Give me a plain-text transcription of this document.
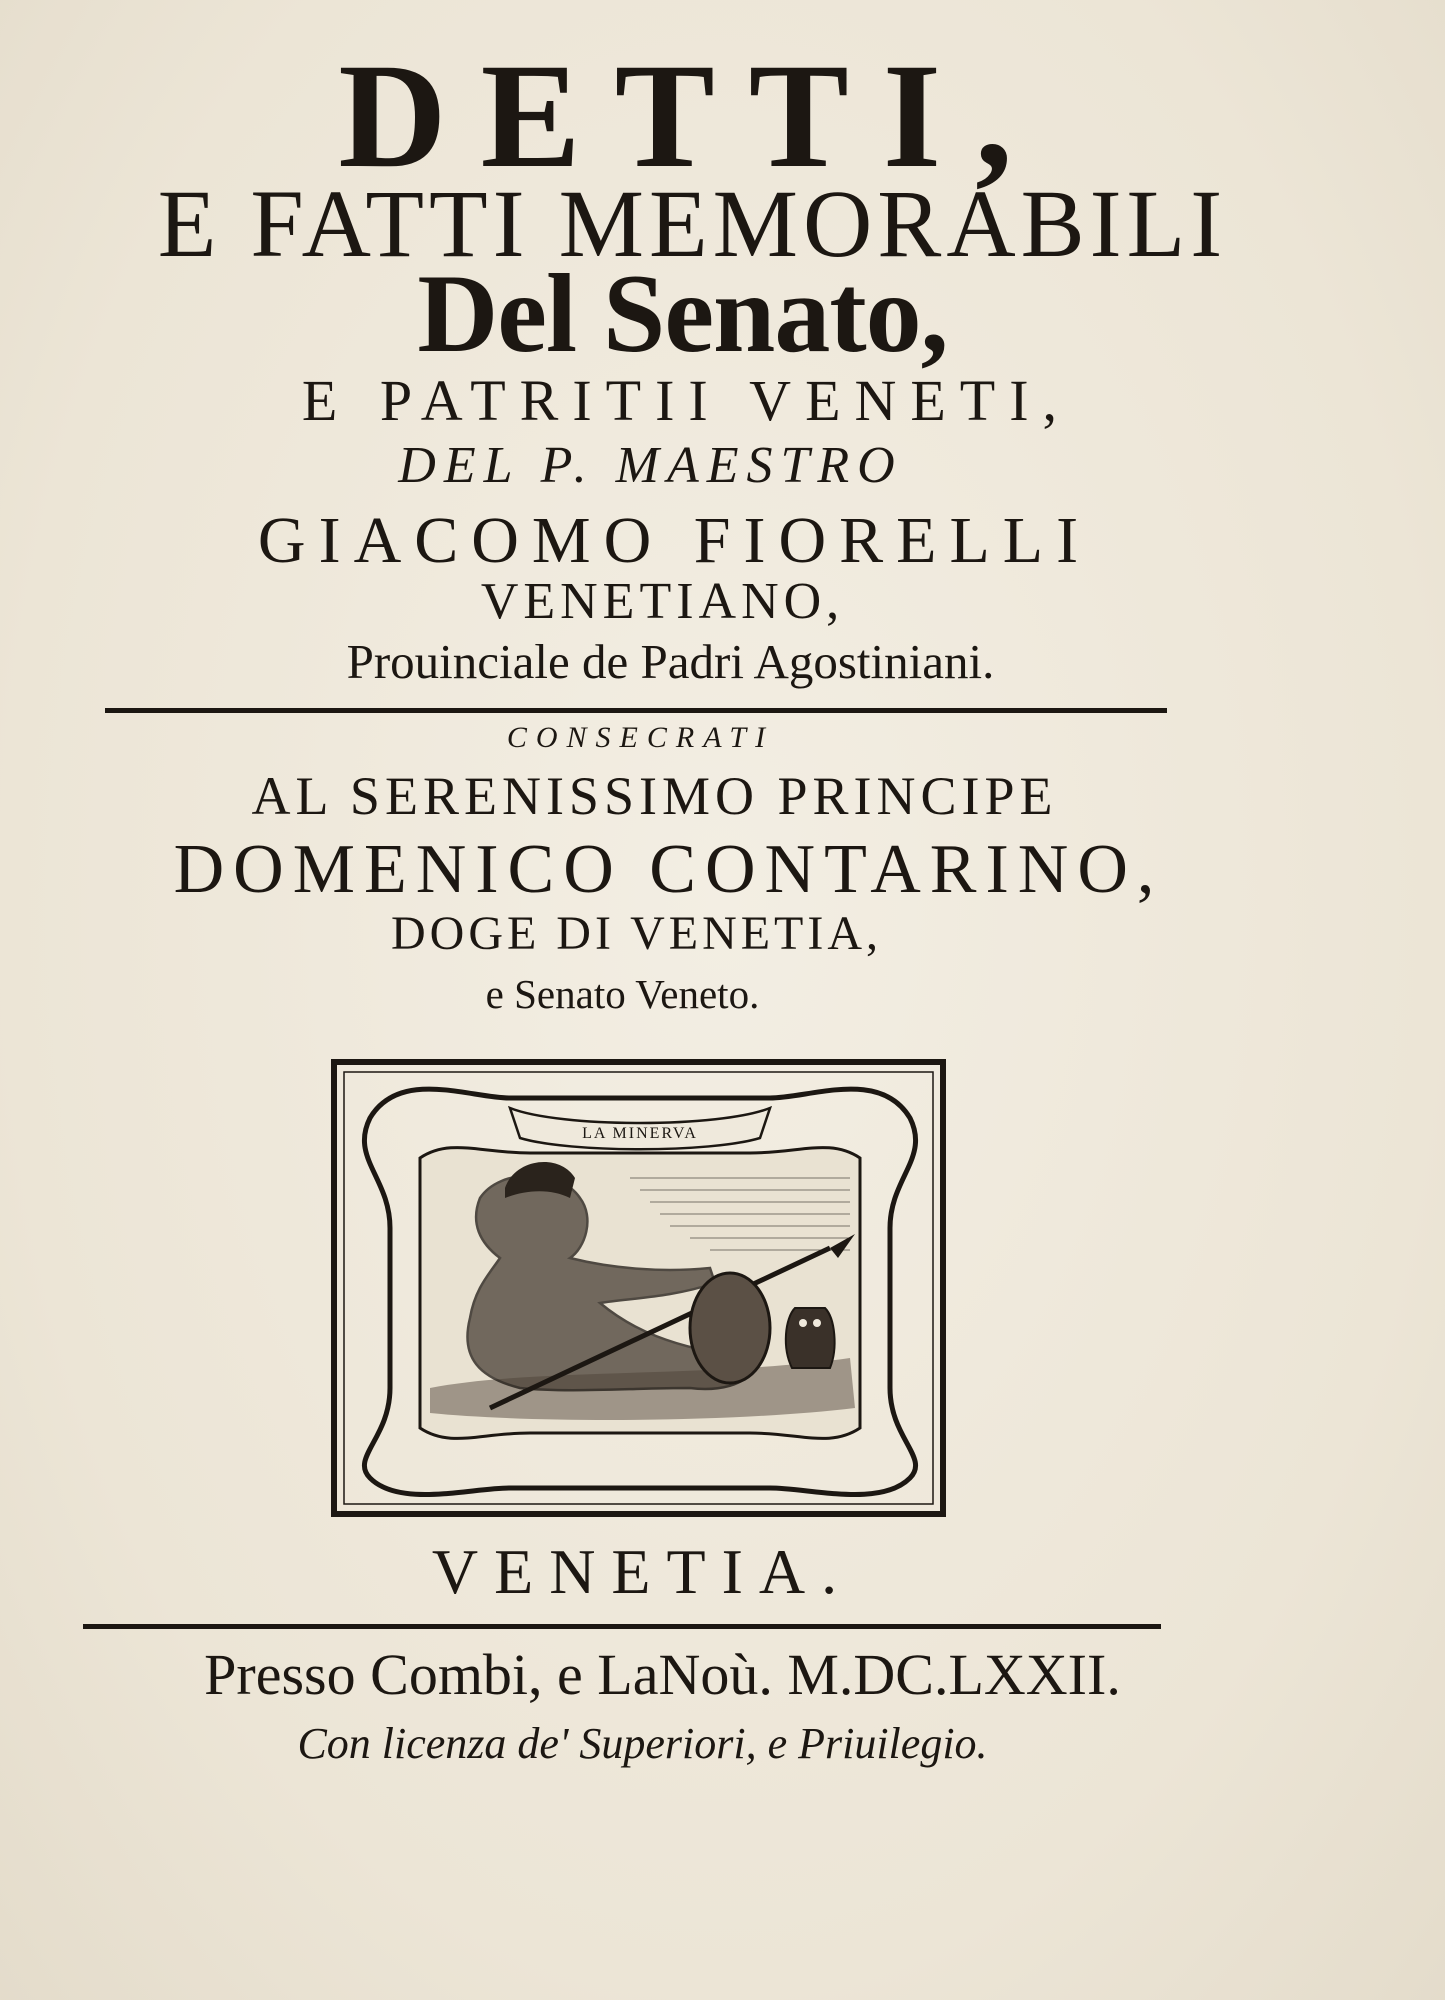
DETTI,

E FATTI MEMORABILI

Del Senato,

E PATRITII VENETI,

DEL P. MAESTRO

GIACOMO FIORELLI

VENETIANO,

Prouinciale de Padri Agostiniani.

CONSECRATI

AL SERENISSIMO PRINCIPE

DOMENICO CONTARINO,

DOGE DI VENETIA,

e Senato Veneto.

LA MINERVA

VENETIA.

Presso Combi, e LaNoù. M.DC.LXXII.

Con licenza de' Superiori, e Priuilegio.
